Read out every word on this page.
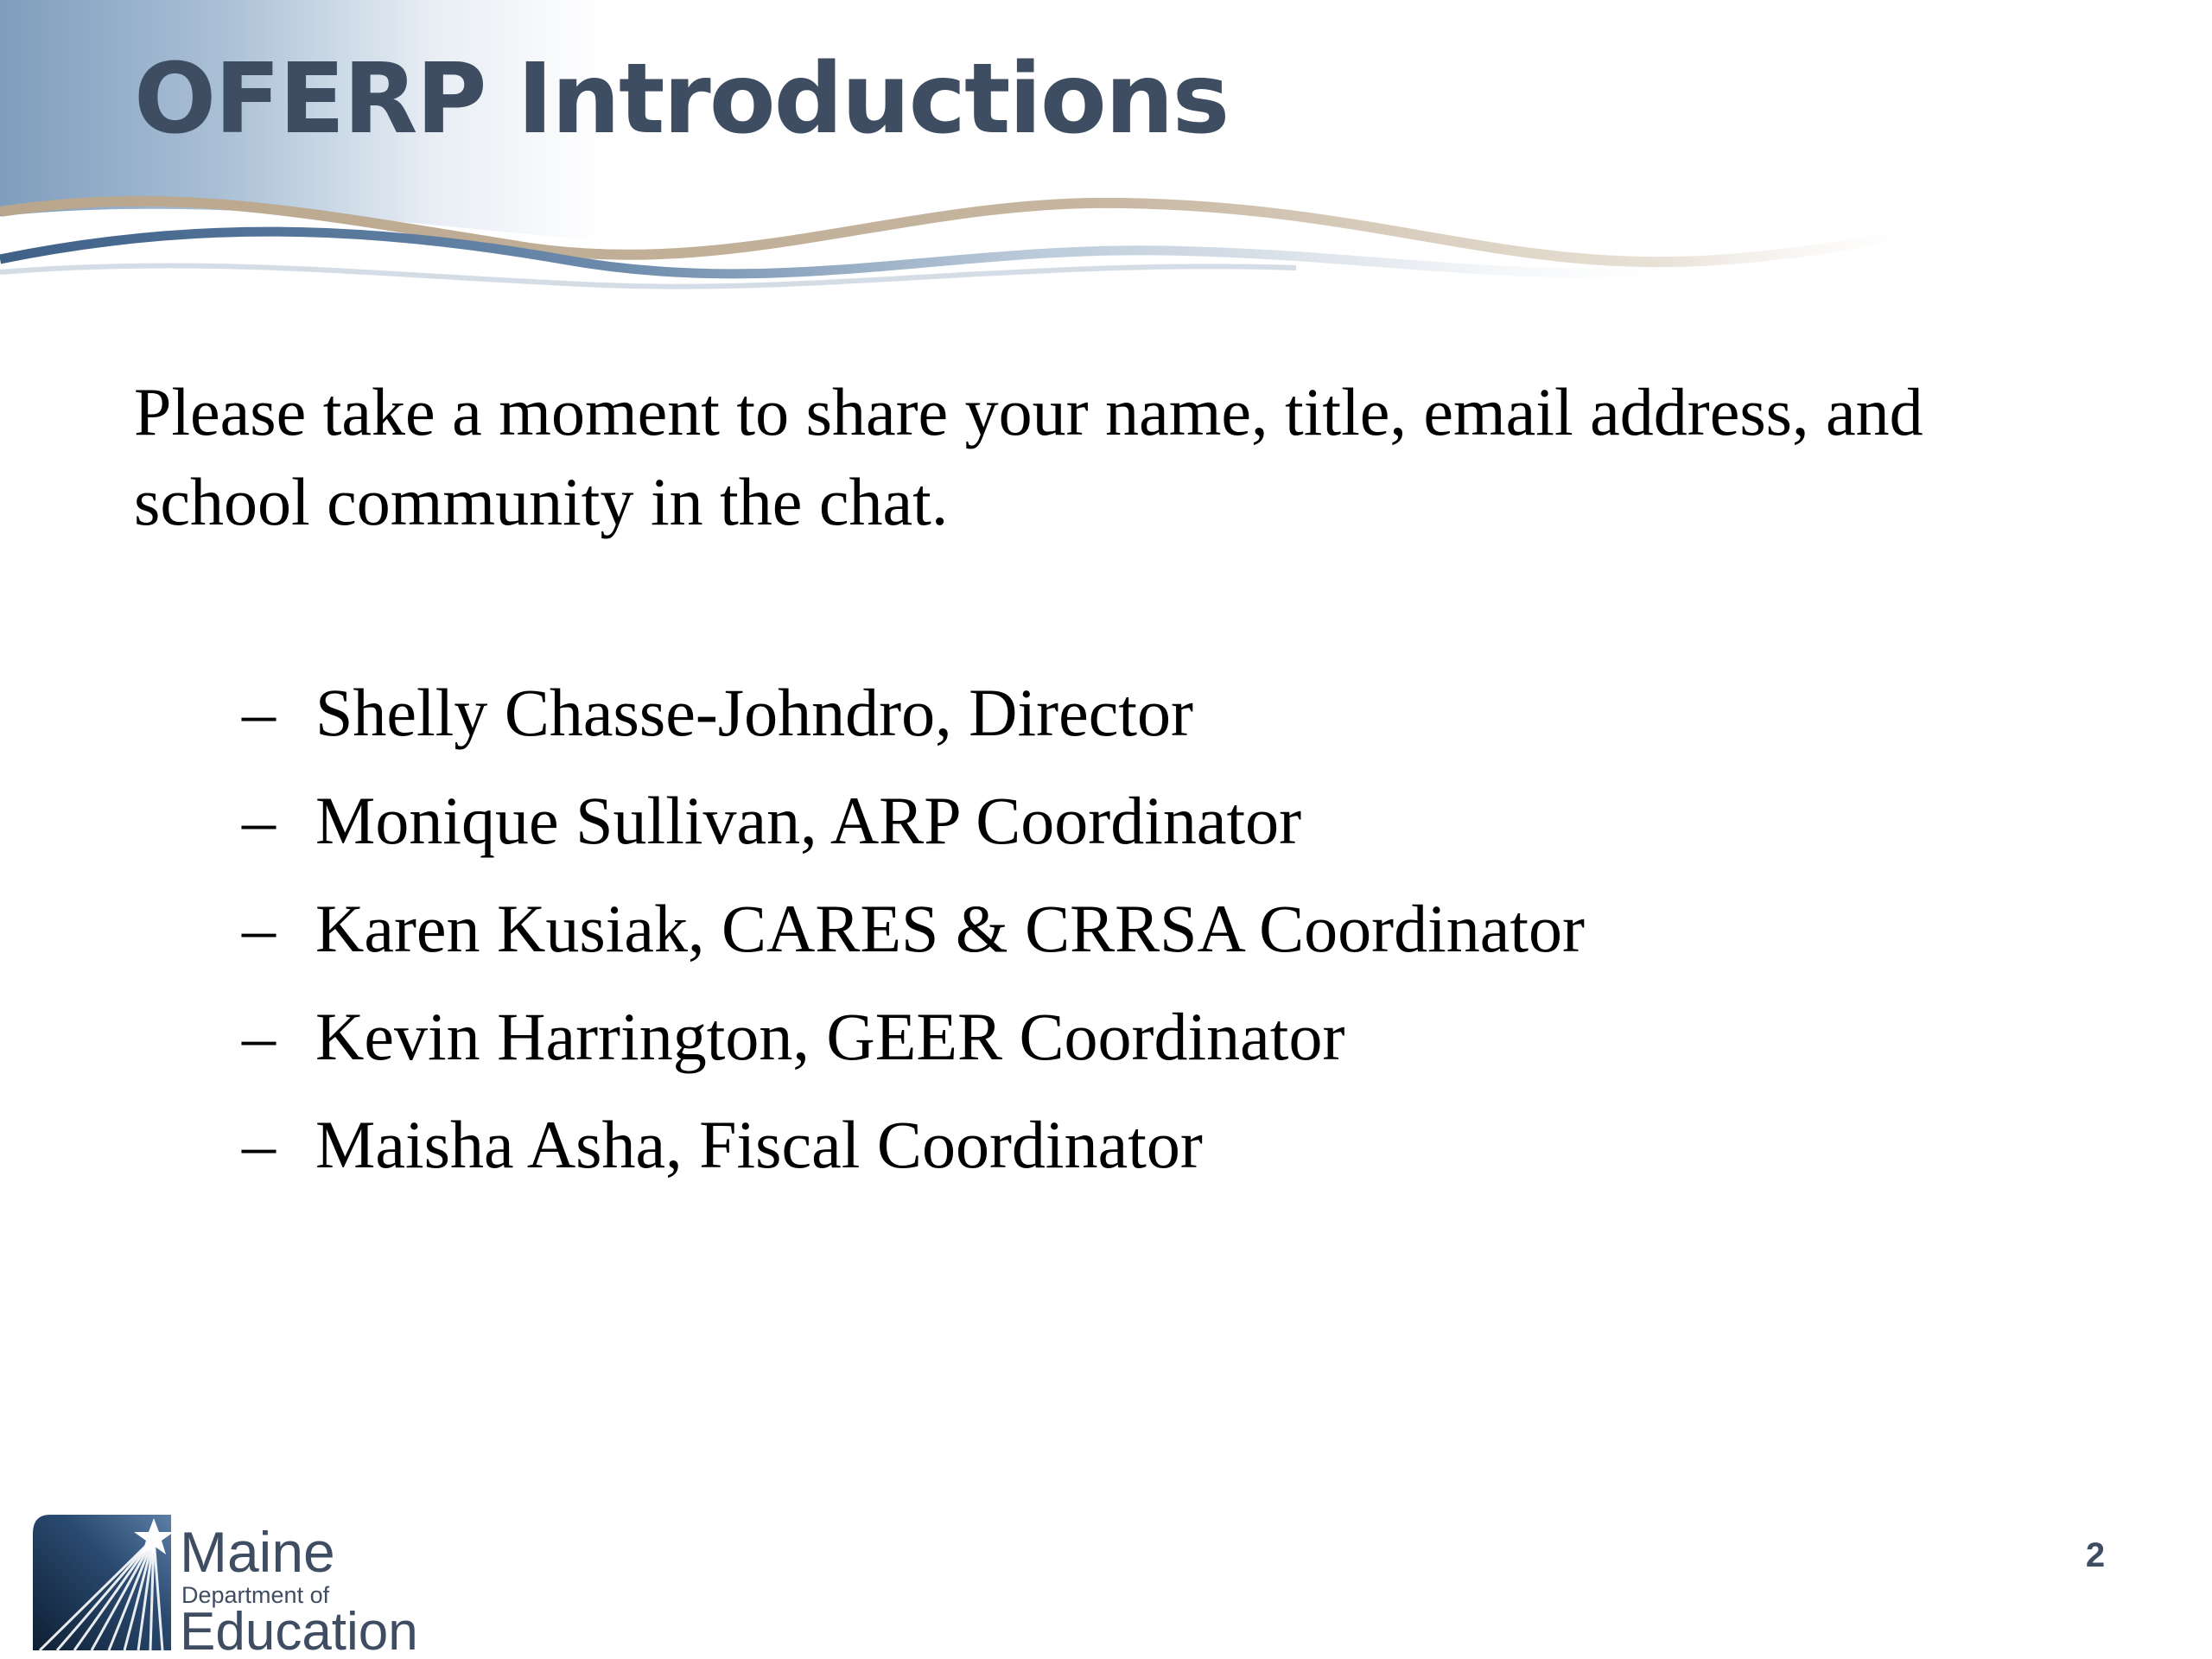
OFERP Introductions

Please take a moment to share your name, title, email address, and school community in the chat.

– Shelly Chasse-Johndro, Director
– Monique Sullivan, ARP Coordinator
– Karen Kusiak, CARES & CRRSA Coordinator
– Kevin Harrington, GEER Coordinator
– Maisha Asha, Fiscal Coordinator
Maine
Department of
Education
2
